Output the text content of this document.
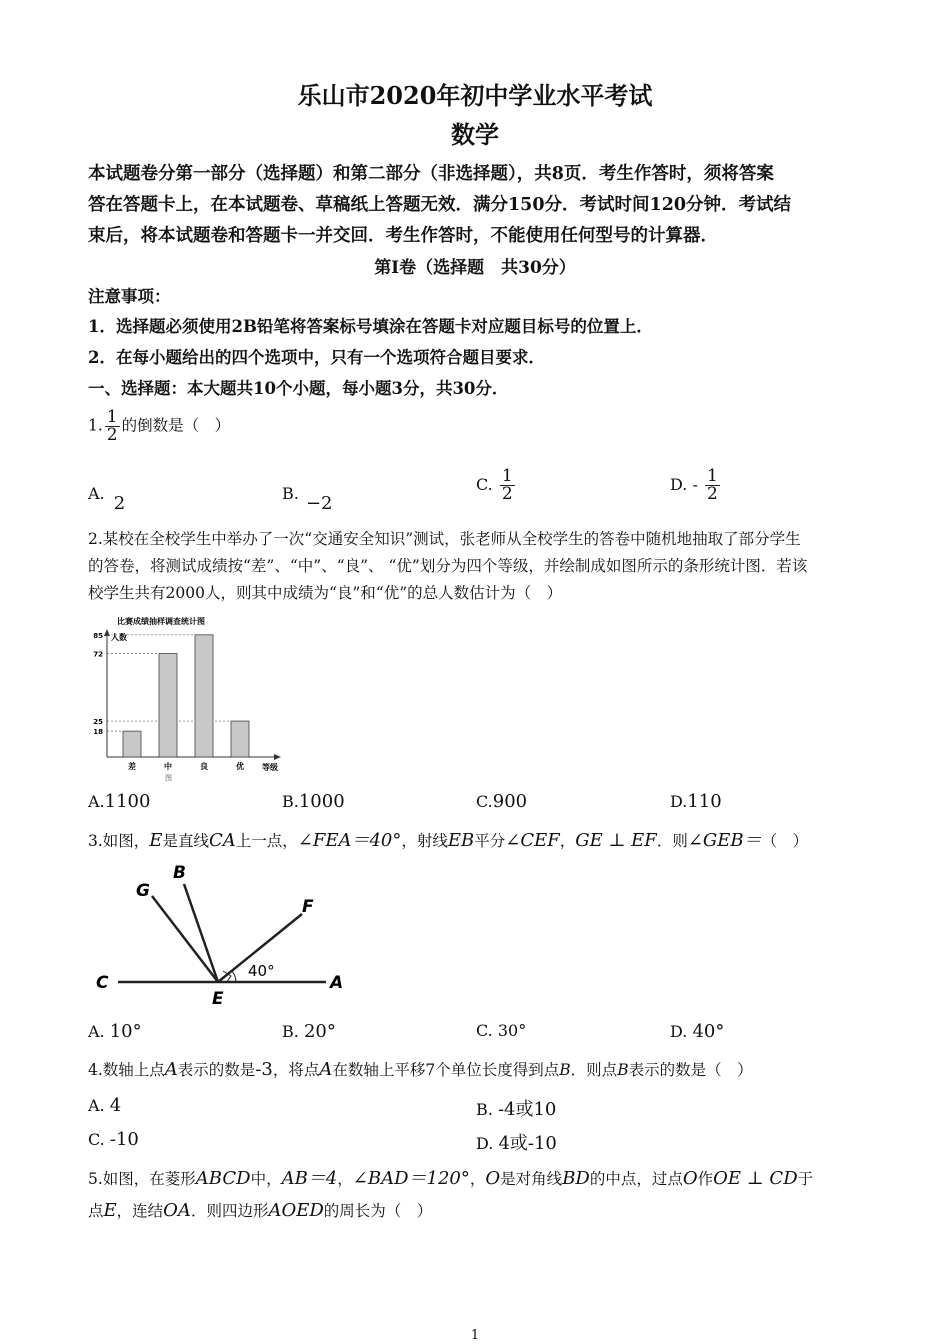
乐山市2020年初中学业水平考试
数学
本试题卷分第一部分（选择题）和第二部分（非选择题），共8页．考生作答时，须将答案
答在答题卡上，在本试题卷、草稿纸上答题无效．满分150分．考试时间120分钟．考试结
束后，将本试题卷和答题卡一并交回．考生作答时，不能使用任何型号的计算器．
第Ⅰ卷（选择题　共30分）
注意事项：
1．选择题必须使用2B铅笔将答案标号填涂在答题卡对应题目标号的位置上．
2．在每小题给出的四个选项中，只有一个选项符合题目要求．
一、选择题：本大题共10个小题，每小题3分，共30分．
1. $\frac{1}{2}$ 的倒数是（　）
A. 2	B. −2
C. $\frac{1}{2}$	D. - $\frac{1}{2}$
2.某校在全校学生中举办了一次“交通安全知识”测试，张老师从全校学生的答卷中随机地抽取了部分学生
的答卷，将测试成绩按“差”、“中”、“良”、 “优”划分为四个等级，并绘制成如图所示的条形统计图．若该
校学生共有2000人，则其中成绩为“良”和“优”的总人数估计为（　）
比赛成绩抽样调查统计图
人数
18
25
72
85
差	中	良	优 等级
图
A.1100	B.1000	C.900	D.110
3.如图，E是直线CA上一点，∠FEA＝40°，射线EB平分∠CEF，GE ⊥ EF．则∠GEB＝（　）
G
B
F
C
E
A
40°
A. 10°	B. 20°	C. 30°	D. 40°
4.数轴上点A表示的数是-3，将点A在数轴上平移7个单位长度得到点B．则点B表示的数是（　）
A. 4	B. -4或10
C. -10	D. 4或-10
5.如图，在菱形ABCD中，AB＝4，∠BAD＝120°，O是对角线BD的中点，过点O作OE ⊥ CD于
点E，连结OA．则四边形AOED的周长为（　）
1
